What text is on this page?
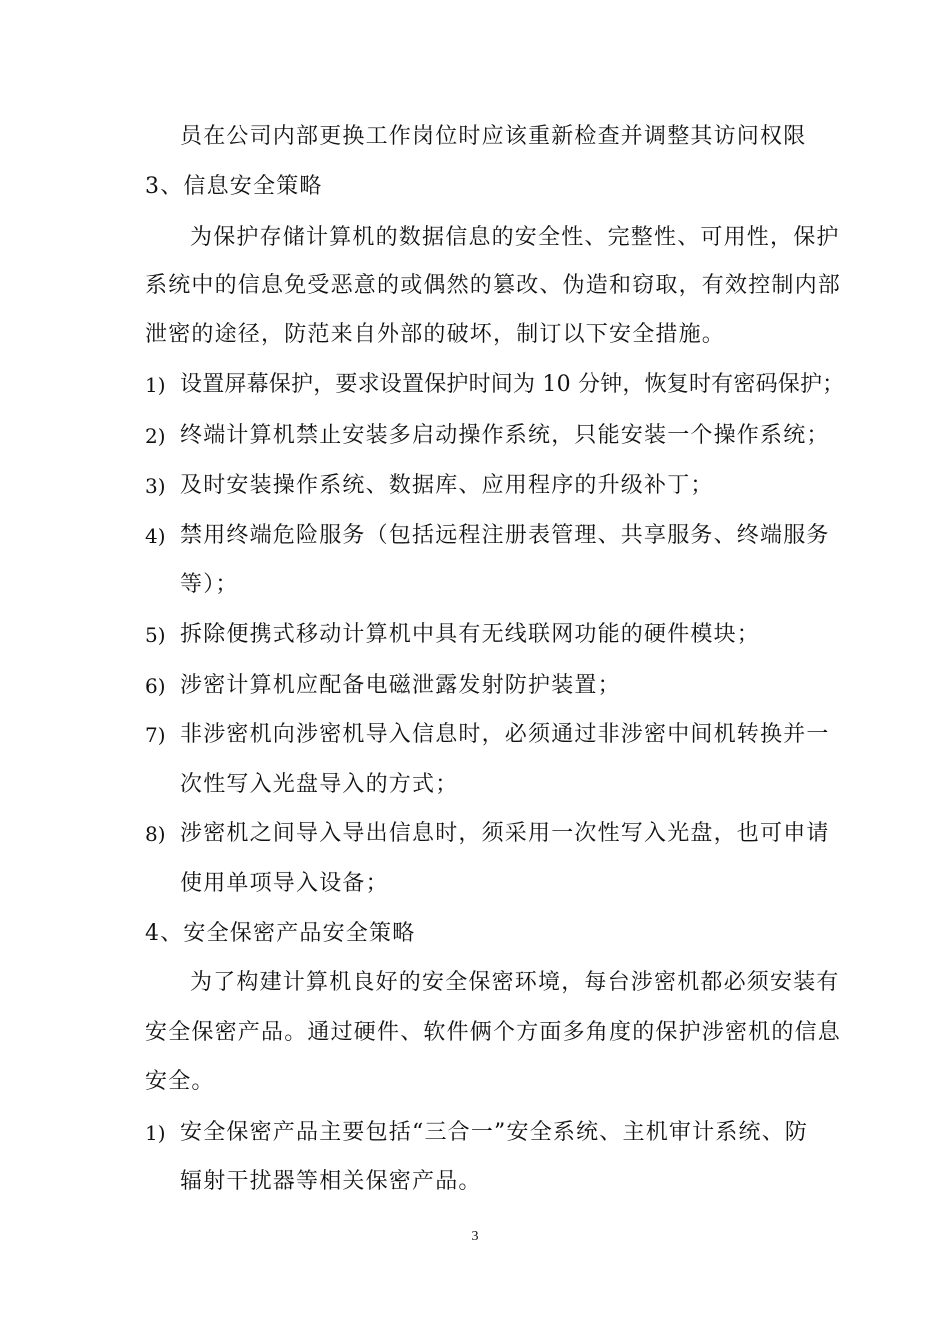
员在公司内部更换工作岗位时应该重新检查并调整其访问权限
3、信息安全策略
为保护存储计算机的数据信息的安全性、完整性、可用性，保护
系统中的信息免受恶意的或偶然的篡改、伪造和窃取，有效控制内部
泄密的途径，防范来自外部的破坏，制订以下安全措施。
1) 设置屏幕保护，要求设置保护时间为 10 分钟，恢复时有密码保护；
2) 终端计算机禁止安装多启动操作系统，只能安装一个操作系统；
3) 及时安装操作系统、数据库、应用程序的升级补丁；
4) 禁用终端危险服务（包括远程注册表管理、共享服务、终端服务
等）；
5) 拆除便携式移动计算机中具有无线联网功能的硬件模块；
6) 涉密计算机应配备电磁泄露发射防护装置；
7) 非涉密机向涉密机导入信息时，必须通过非涉密中间机转换并一
次性写入光盘导入的方式；
8) 涉密机之间导入导出信息时，须采用一次性写入光盘，也可申请
使用单项导入设备；
4、安全保密产品安全策略
为了构建计算机良好的安全保密环境，每台涉密机都必须安装有
安全保密产品。通过硬件、软件俩个方面多角度的保护涉密机的信息
安全。
1) 安全保密产品主要包括“三合一”安全系统、主机审计系统、防
辐射干扰器等相关保密产品。
3
